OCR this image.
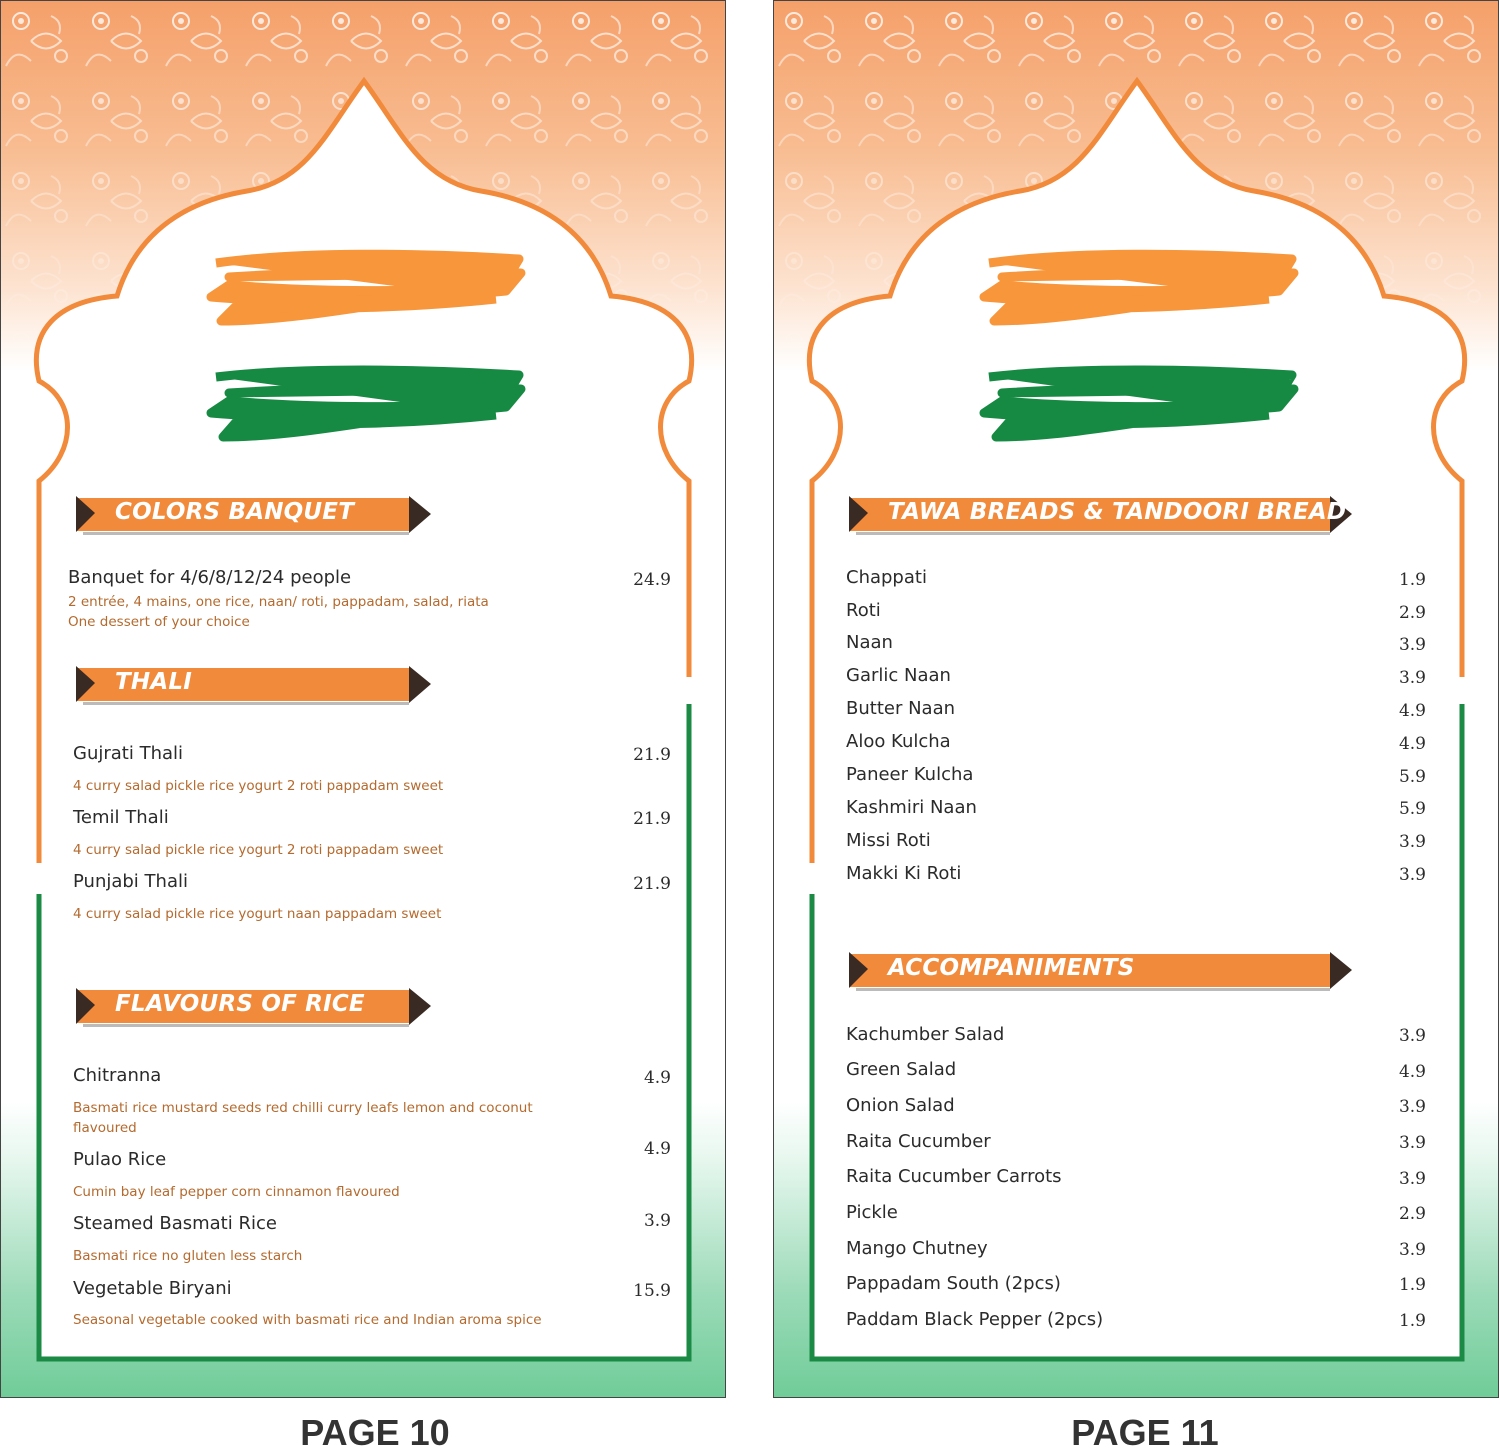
COLORS BANQUET
Banquet for 4/6/8/12/24 people	24.9
2 entrée, 4 mains, one rice, naan/ roti, pappadam, salad, riata
One dessert of your choice
THALI
Gujrati Thali	21.9
4 curry salad pickle rice yogurt 2 roti pappadam sweet
Temil Thali	21.9
4 curry salad pickle rice yogurt 2 roti pappadam sweet
Punjabi Thali	21.9
4 curry salad pickle rice yogurt naan pappadam sweet
FLAVOURS OF RICE
Chitranna	4.9
Basmati rice mustard seeds red chilli curry leafs lemon and coconut flavoured
Pulao Rice	4.9
Cumin bay leaf pepper corn cinnamon flavoured
Steamed Basmati Rice	3.9
Basmati rice no gluten less starch
Vegetable Biryani	15.9
Seasonal vegetable cooked with basmati rice and Indian aroma spice
TAWA BREADS & TANDOORI BREAD
Chappati	1.9
Roti	2.9
Naan	3.9
Garlic Naan	3.9
Butter Naan	4.9
Aloo Kulcha	4.9
Paneer Kulcha	5.9
Kashmiri Naan	5.9
Missi Roti	3.9
Makki Ki Roti	3.9
ACCOMPANIMENTS
Kachumber Salad	3.9
Green Salad	4.9
Onion Salad	3.9
Raita Cucumber	3.9
Raita Cucumber Carrots	3.9
Pickle	2.9
Mango Chutney	3.9
Pappadam South (2pcs)	1.9
Paddam Black Pepper (2pcs)	1.9
PAGE 10	PAGE 11
